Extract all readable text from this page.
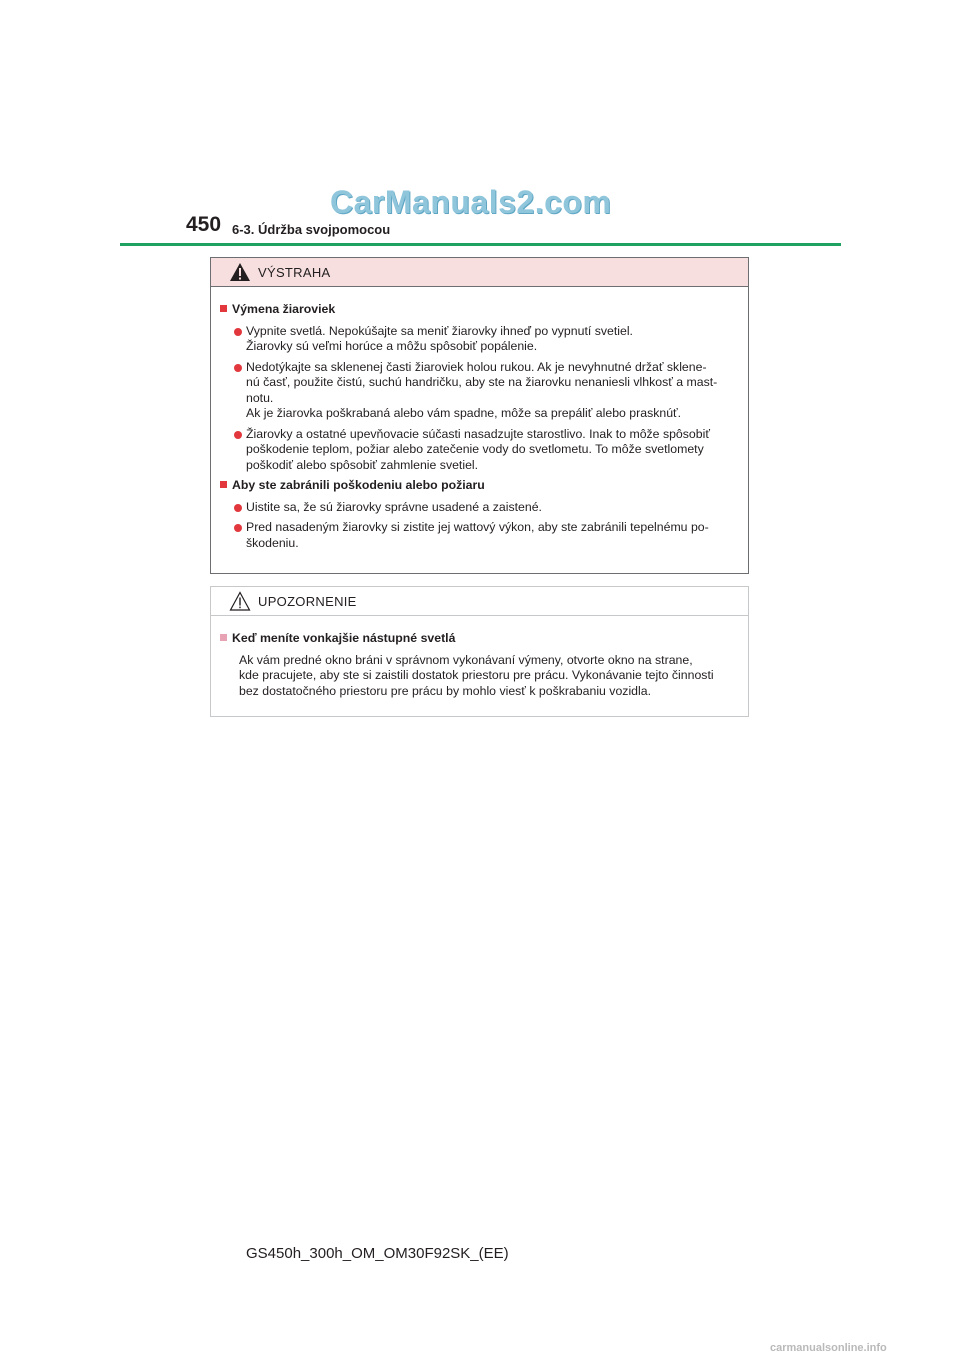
CarManuals2.com
450 6-3. Údržba svojpomocou
VÝSTRAHA
Výmena žiaroviek
Vypnite svetlá. Nepokúšajte sa meniť žiarovky ihneď po vypnutí svetiel.
Žiarovky sú veľmi horúce a môžu spôsobiť popálenie.
Nedotýkajte sa sklenenej časti žiaroviek holou rukou. Ak je nevyhnutné držať sklene-
nú časť, použite čistú, suchú handričku, aby ste na žiarovku nenaniesli vlhkosť a mast-
notu.
Ak je žiarovka poškrabaná alebo vám spadne, môže sa prepáliť alebo prasknúť.
Žiarovky a ostatné upevňovacie súčasti nasadzujte starostlivo. Inak to môže spôsobiť
poškodenie teplom, požiar alebo zatečenie vody do svetlometu. To môže svetlomety
poškodiť alebo spôsobiť zahmlenie svetiel.
Aby ste zabránili poškodeniu alebo požiaru
Uistite sa, že sú žiarovky správne usadené a zaistené.
Pred nasadeným žiarovky si zistite jej wattový výkon, aby ste zabránili tepelnému po-
škodeniu.
UPOZORNENIE
Keď meníte vonkajšie nástupné svetlá
Ak vám predné okno bráni v správnom vykonávaní výmeny, otvorte okno na strane,
kde pracujete, aby ste si zaistili dostatok priestoru pre prácu. Vykonávanie tejto činnosti
bez dostatočného priestoru pre prácu by mohlo viesť k poškrabaniu vozidla.
GS450h_300h_OM_OM30F92SK_(EE)
carmanualsonline.info
